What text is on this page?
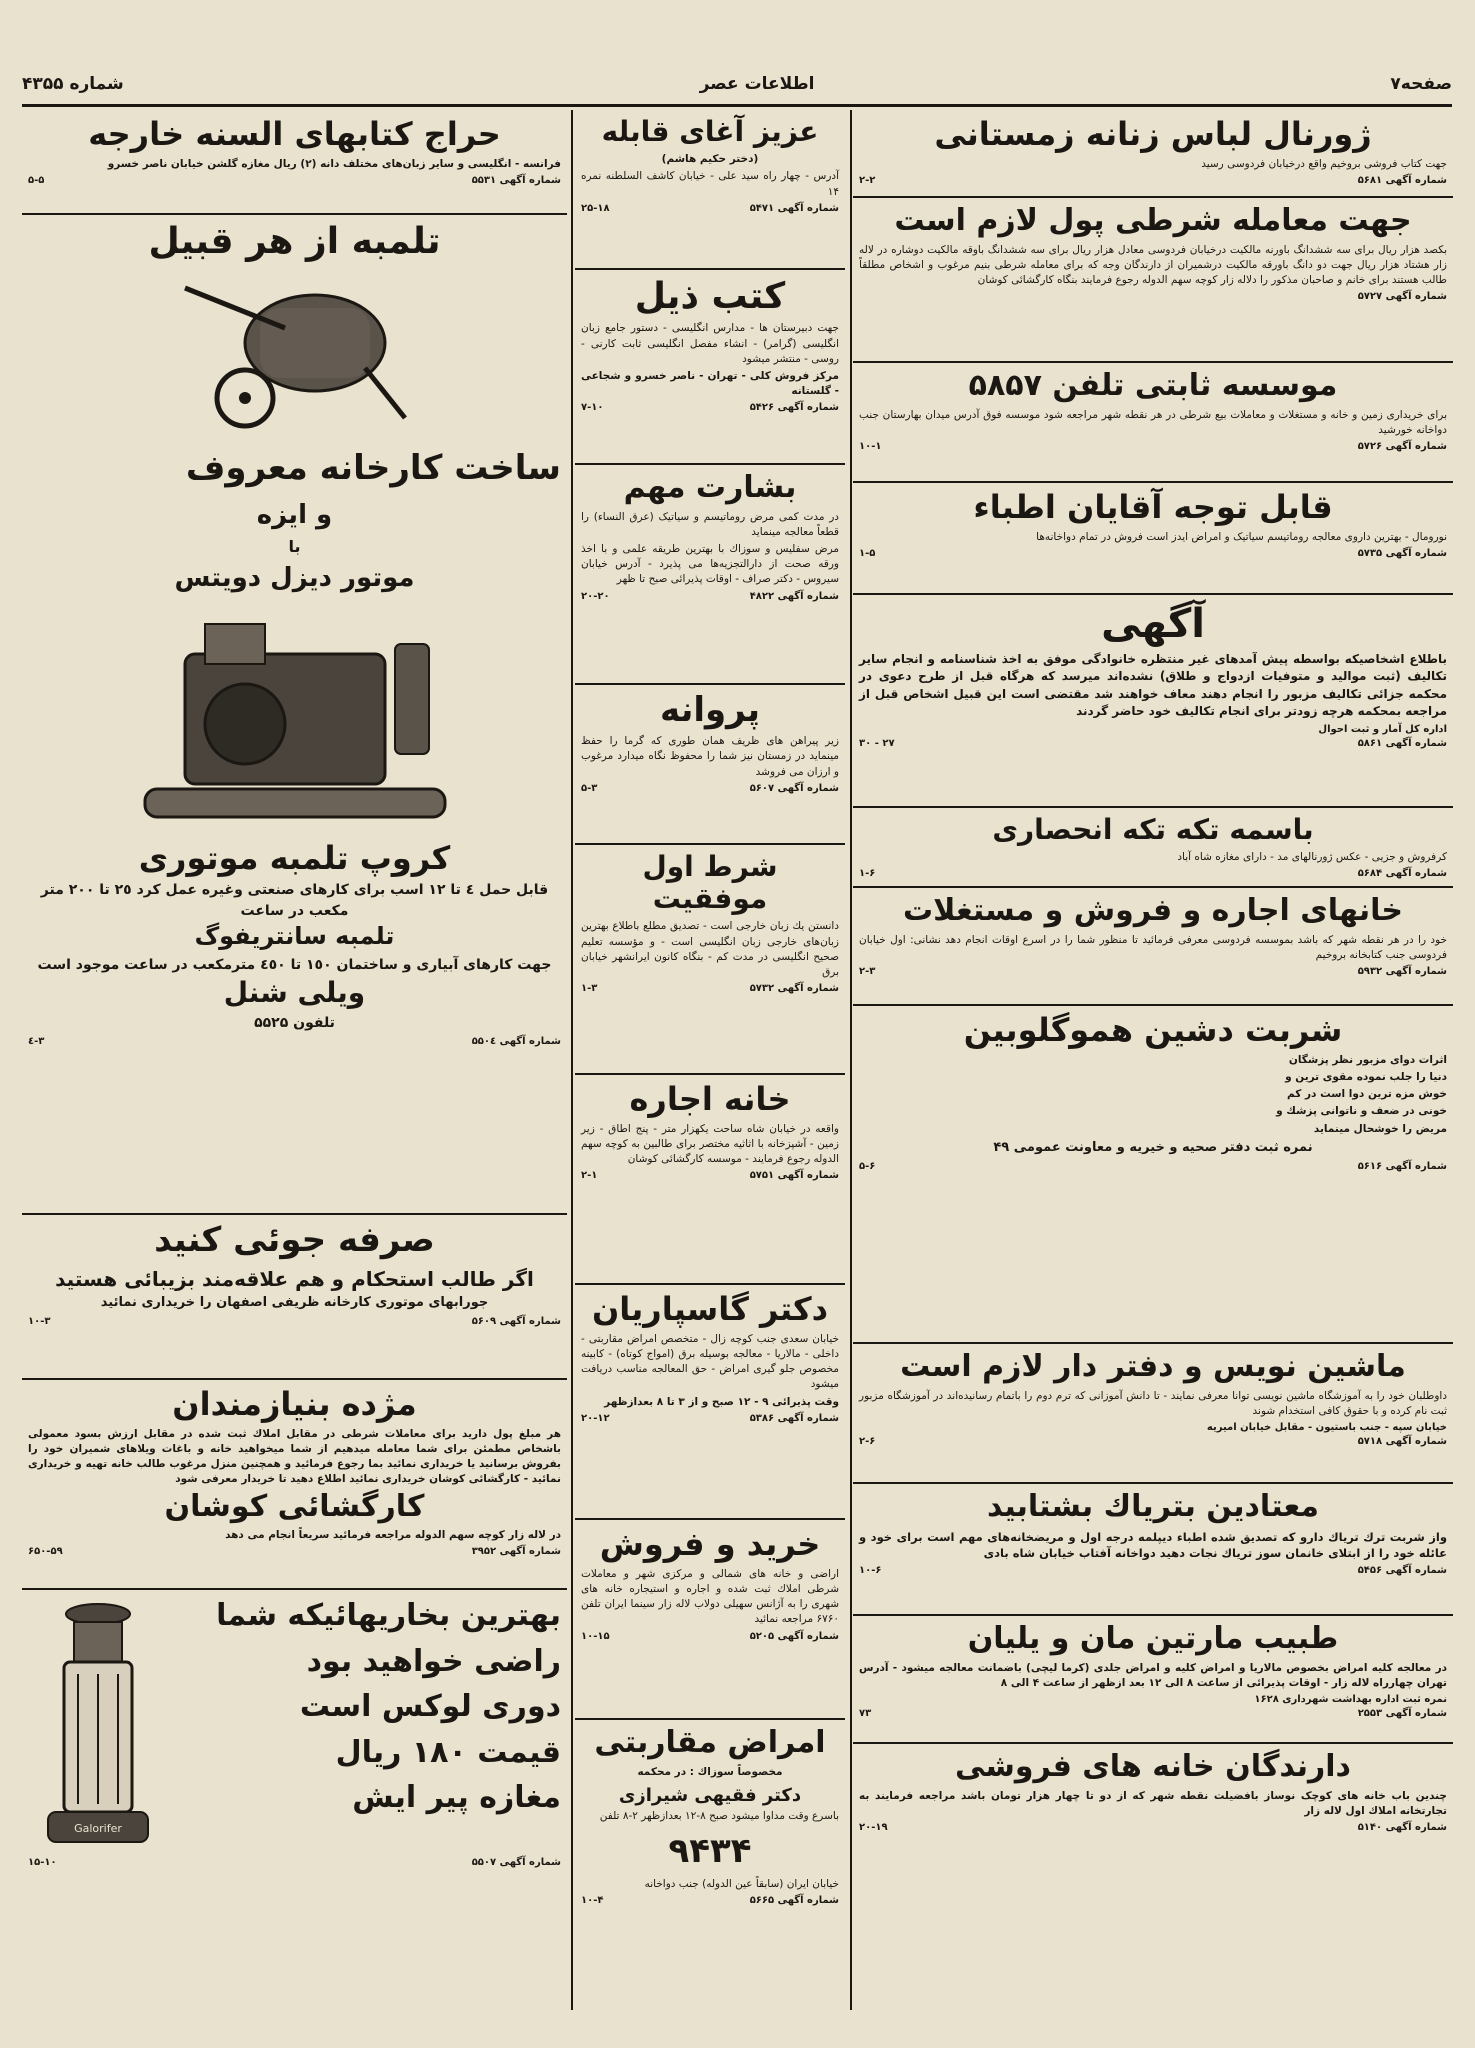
صفحه۷
اطلاعات عصر
شماره ۴۳۵۵
ژورنال لباس زنانه زمستانی

جهت کتاب فروشی بروخیم واقع درخیابان فردوسی رسید

شماره آگهی ۵۶۸۱
۲-۲
جهت معامله شرطی پول لازم است

بکصد هزار ریال برای سه ششدانگ باورنه مالکیت درخیابان فردوسی معادل هزار ریال برای سه ششدانگ باوقه مالکیت دوشاره در لاله زار هشتاد هزار ریال جهت دو دانگ باورقه مالکیت درشمیران از دارندگان وجه که برای معامله شرطی بنیم مرغوب و اشخاص مطلقاً طالب هستند برای خانم و صاحبان مذکور را دلاله زار کوچه سهم الدوله رجوع فرمایند بنگاه کارگشائی کوشان

شماره آگهی ۵۷۲۷
موسسه ثابتی تلفن ۵۸۵۷

برای خریداری زمین و خانه و مستغلات و معاملات بیع شرطی در هر نقطه شهر مراجعه شود موسسه فوق آدرس میدان بهارستان جنب دواخانه خورشید

شماره آگهی ۵۷۲۶
۱۰-۱
قابل توجه آقایان اطباء

نورومال - بهترین داروی معالجه روماتیسم سیاتیک و امراض ایدز است فروش در تمام دواخانه‌ها

شماره آگهی ۵۷۳۵
۱-۵
آگهی

باطلاع اشخاصیکه بواسطه پیش آمدهای غیر منتظره خانوادگی موفق به اخذ شناسنامه و انجام سایر تکالیف (ثبت موالید و متوفیات ازدواج و طلاق) نشده‌اند میرسد که هرگاه قبل از طرح دعوی در محکمه جزائی تکالیف مزبور را انجام دهند معاف خواهند شد مقتضی است این قبیل اشخاص قبل از مراجعه بمحکمه هرچه زودتر برای انجام تکالیف خود حاضر گردند

اداره کل آمار و ثبت احوال
شماره آگهی ۵۸۶۱
۲۷ - ۳۰
باسمه تکه تکه انحصاری

کرفروش و جزیی - عکس ژورنالهای مد - دارای مغازه شاه آباد

شماره آگهی ۵۶۸۴
۱-۶
خانهای اجاره و فروش و مستغلات

خود را در هر نقطه شهر که باشد بموسسه فردوسی معرفی فرمائید تا منظور شما را در اسرع اوقات انجام دهد نشانی: اول خیابان فردوسی جنب کتابخانه بروخیم

شماره آگهی ۵۹۳۲
۲-۳
شربت دشین هموگلوبین

اثرات دوای مزبور نظر پزشگان

دنیا را جلب نموده مقوی ترین و

خوش مزه ترین دوا است در کم

خونی در ضعف و ناتوانی پزشك و

مریض را خوشحال مینماید

نمره ثبت دفتر صحیه و خیریه و معاونت عمومی ۴۹

شماره آگهی ۵۶۱۶
۵-۶
ماشین نویس و دفتر دار لازم است

داوطلبان خود را به آموزشگاه ماشین نویسی توانا معرفی نمایند - تا دانش آموزانی که ترم دوم را باتمام رسانیده‌اند در آموزشگاه مزبور ثبت نام کرده و با حقوق کافی استخدام شوند

خیابان سپه - جنب باستیون - مقابل خیابان امیریه
شماره آگهی ۵۷۱۸
۲-۶
معتادین بتریاك بشتابید

واز شربت ترك تریاك دارو که تصدیق شده اطباء دیپلمه درجه اول و مریضخانه‌های مهم است برای خود و عائله خود را از ابتلای خانمان سوز تریاك نجات دهید دواخانه آفتاب خیابان شاه بادی

شماره آگهی ۵۴۵۶
۱۰-۶
طبیب مارتین مان و یلیان

در معالجه کلیه امراض بخصوص مالاریا و امراض کلیه و امراض جلدی (کرما لیچی) باضمانت معالجه میشود - آدرس تهران چهارراه لاله زار - اوقات پذیرائی از ساعت ۸ الی ۱۲ بعد ازظهر از ساعت ۴ الی ۸

نمره ثبت اداره بهداشت شهرداری ۱۶۲۸
شماره آگهی ۲۵۵۳
۷۳
دارندگان خانه های فروشی

چندین باب خانه های کوچک نوساز بافضیلت نقطه شهر که از دو تا چهار هزار تومان باشد مراجعه فرمایند به تجارتخانه املاك اول لاله زار

شماره آگهی ۵۱۴۰
۲۰-۱۹
عزیز آغای قابله

(دختر حکیم هاشم)

آدرس - چهار راه سید علی - خیابان کاشف السلطنه نمره ۱۴

شماره آگهی ۵۴۷۱
۲۵-۱۸
کتب ذیل

جهت دبیرستان ها - مدارس انگلیسی - دستور جامع زبان انگلیسی (گرامر) - انشاء مفصل انگلیسی ثابت کارنی - روسی - منتشر میشود

مرکز فروش کلی - تهران - ناصر خسرو و شجاعی - گلستانه

شماره آگهی ۵۴۲۶
۷-۱۰
بشارت مهم

در مدت کمی مرض روماتیسم و سیاتیک (عرق النساء) را قطعاً معالجه مینماید

مرض سفلیس و سوزاك با بهترین طریقه علمی و با اخذ ورقه صحت از دارالتجزیه‌ها می پذیرد - آدرس خیابان سیروس - دکتر صراف - اوقات پذیرائی صبح تا ظهر

شماره آگهی ۴۸۲۲
۲۰-۲۰
پروانه

زیر پیراهن های ظریف همان طوری که گرما را حفظ مینماید در زمستان نیز شما را محفوظ نگاه میدارد مرغوب و ارزان می فروشد

شماره آگهی ۵۶۰۷
۵-۳
شرط اول موفقیت

دانستن یك زبان خارجی است - تصدیق مطلع باطلاع بهترین زبان‌های خارجی زبان انگلیسی است - و مؤسسه تعلیم صحیح انگلیسی در مدت کم - بنگاه کانون ایرانشهر خیابان برق

شماره آگهی ۵۷۳۲
۱-۳
خانه اجاره

واقعه در خیابان شاه ساحت یکهزار متر - پنج اطاق - زیر زمین - آشپزخانه با اثاثیه مختصر برای طالبین به کوچه سهم الدوله رجوع فرمایند - موسسه کارگشائی کوشان

شماره آگهی ۵۷۵۱
۲-۱
دکتر گاسپاریان

خیابان سعدی جنب کوچه زال - متخصص امراض مقاربتی - داخلی - مالاریا - معالجه بوسیله برق (امواج کوتاه) - کابینه مخصوص جلو گیری امراض - حق المعالجه مناسب دریافت میشود

وقت پذیرائی ۹ - ۱۲ صبح و از ۳ تا ۸ بعدازظهر

شماره آگهی ۵۳۸۶
۲۰-۱۲
خرید و فروش

اراضی و خانه های شمالی و مرکزی شهر و معاملات شرطی املاك ثبت شده و اجاره و استیجاره خانه های شهری را به آژانس سهیلی دولاب لاله زار سینما ایران تلفن ۶۷۶۰ مراجعه نمائید

شماره آگهی ۵۲۰۵
۱۰-۱۵
امراض مقاربتی

مخصوصاً سوزاك : در محکمه

دکتر فقیهی شیرازی

باسرع وقت مداوا میشود صبح ۸-۱۲ بعدازظهر ۲-۸ تلفن

۹۴۳۴

خیابان ایران (سابقاً عین الدوله) جنب دواخانه

شماره آگهی ۵۶۶۵
۱۰-۴
حراج کتابهای السنه خارجه

فرانسه - انگلیسی و سایر زبان‌های مختلف دانه (۲) ریال مغازه گلشن خیابان ناصر خسرو

شماره آگهی ۵۵۳۱
۵-۵
تلمبه از هر قبیل

ساخت کارخانه معروف

و ایزه

با

موتور دیزل دویتس

کروپ تلمبه موتوری

قابل حمل ٤ تا ١٢ اسب برای کارهای صنعتی وغیره عمل کرد ٢٥ تا ٢٠٠ متر مکعب در ساعت

تلمبه سانتریفوگ

جهت کارهای آبیاری و ساختمان ١٥٠ تا ٤٥٠ مترمکعب در ساعت موجود است

ویلی شنل

تلفون ۵۵۲۵

شماره آگهی ۵۵۰٤
۳-٤
صرفه جوئی کنید

اگر طالب استحکام و هم علاقه‌مند بزیبائی هستید

جورابهای موتوری کارخانه ظریفی اصفهان را خریداری نمائید

شماره آگهی ۵۶۰۹
۱۰-۳
مژده بنیازمندان

هر مبلغ پول دارید برای معاملات شرطی در مقابل املاك ثبت شده در مقابل ارزش بسود معمولی باشخاص مطمئن برای شما معامله میدهیم از شما میخواهید خانه و باغات ویلاهای شمیران خود را بفروش برسانید یا خریداری نمائید بما رجوع فرمائید و همچنین منزل مرغوب طالب خانه تهیه و خریداری نمائید - کارگشائی کوشان خریداری نمائید اطلاع دهید تا خریدار معرفی شود

کارگشائی کوشان

در لاله زار کوچه سهم الدوله مراجعه فرمائید سریعاً انجام می دهد

شماره آگهی ۳۹۵۲
۶۵۰-۵۹

بهترین بخاریهائیکه شما

راضی خواهید بود

دوری لوکس است

قیمت ۱۸۰ ریال

مغازه پیر ایش

Galorifer
شماره آگهی ۵۵۰۷
۱۵-۱۰
